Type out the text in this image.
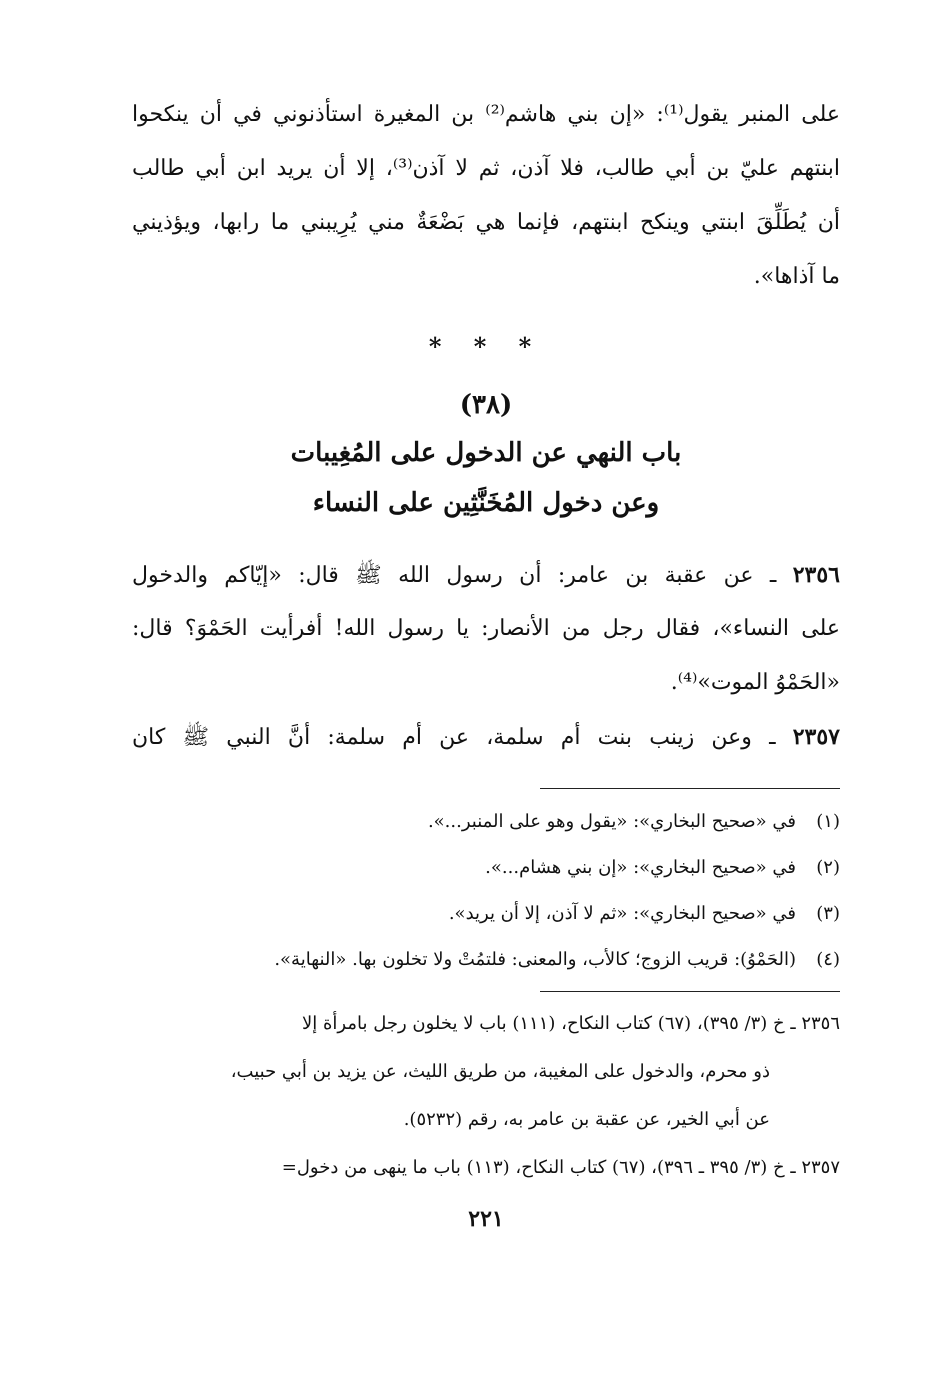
على المنبر يقول⁽¹⁾: «إن بني هاشم⁽²⁾ بن المغيرة استأذنوني في أن ينكحوا
ابنتهم عليّ بن أبي طالب، فلا آذن، ثم لا آذن⁽³⁾، إلا أن يريد ابن أبي طالب
أن يُطَلِّقَ ابنتي وينكح ابنتهم، فإنما هي بَضْعَةٌ مني يُرِيبني ما رابها، ويؤذيني
ما آذاها».
* * *
(٣٨)
باب النهي عن الدخول على المُغِيبات
وعن دخول المُخَنَّثِين على النساء
٢٣٥٦ ـ عن عقبة بن عامر: أن رسول الله ﷺ قال: «إيّاكم والدخول
على النساء»، فقال رجل من الأنصار: يا رسول الله! أفرأيت الحَمْوَ؟ قال:
«الحَمْوُ الموت»⁽⁴⁾.
٢٣٥٧ ـ وعن زينب بنت أم سلمة، عن أم سلمة: أنَّ النبي ﷺ كان
(١)في «صحيح البخاري»: «يقول وهو على المنبر...».
(٢)في «صحيح البخاري»: «إن بني هشام...».
(٣)في «صحيح البخاري»: «ثم لا آذن، إلا أن يريد».
(٤)(الحَمْوُ): قريب الزوج؛ كالأب، والمعنى: فلتمُتْ ولا تخلون بها. «النهاية».
٢٣٥٦ ـ خ (٣/ ٣٩٥)، (٦٧) كتاب النكاح، (١١١) باب لا يخلون رجل بامرأة إلا
ذو محرم، والدخول على المغيبة، من طريق الليث، عن يزيد بن أبي حبيب،
عن أبي الخير، عن عقبة بن عامر به، رقم (٥٢٣٢).
٢٣٥٧ ـ خ (٣/ ٣٩٥ ـ ٣٩٦)، (٦٧) كتاب النكاح، (١١٣) باب ما ينهى من دخول=
٢٢١
